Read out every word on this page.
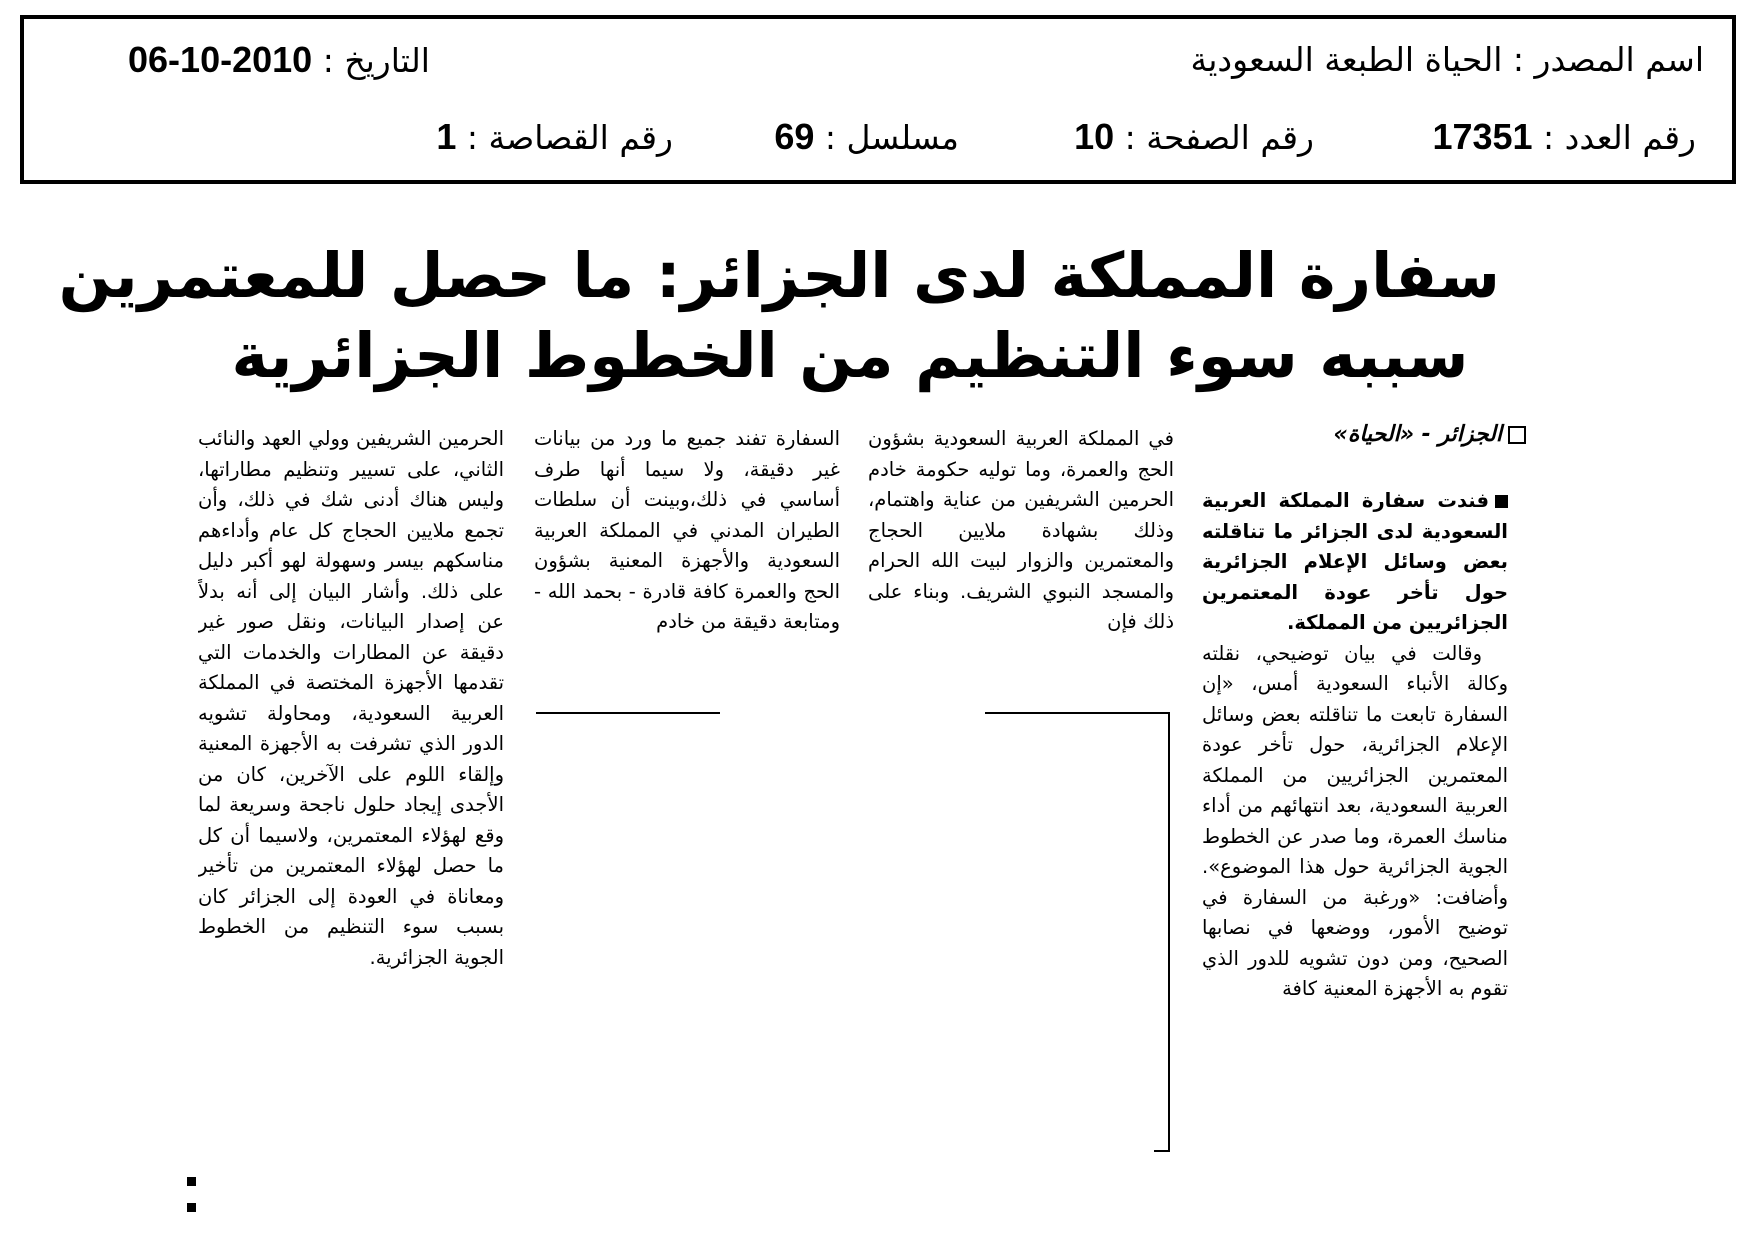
اسم المصدر : الحياة الطبعة السعودية
التاريخ : 2010-10-06
رقم العدد : 17351
رقم الصفحة : 10
مسلسل : 69
رقم القصاصة : 1
سفارة المملكة لدى الجزائر: ما حصل للمعتمرين
سببه سوء التنظيم من الخطوط الجزائرية
الجزائر - «الحياة»

فندت سفارة المملكة العربية السعودية لدى الجزائر ما تناقلته بعض وسائل الإعلام الجزائرية حول تأخر عودة المعتمرين الجزائريين من المملكة.

وقالت في بيان توضيحي، نقلته وكالة الأنباء السعودية أمس، «إن السفارة تابعت ما تناقلته بعض وسائل الإعلام الجزائرية، حول تأخر عودة المعتمرين الجزائريين من المملكة العربية السعودية، بعد انتهائهم من أداء مناسك العمرة، وما صدر عن الخطوط الجوية الجزائرية حول هذا الموضوع». وأضافت: «ورغبة من السفارة في توضيح الأمور، ووضعها في نصابها الصحيح، ومن دون تشويه للدور الذي تقوم به الأجهزة المعنية كافة

في المملكة العربية السعودية بشؤون الحج والعمرة، وما توليه حكومة خادم الحرمين الشريفين من عناية واهتمام، وذلك بشهادة ملايين الحجاج والمعتمرين والزوار لبيت الله الحرام والمسجد النبوي الشريف. وبناء على ذلك فإن

السفارة تفند جميع ما ورد من بيانات غير دقيقة، ولا سيما أنها طرف أساسي في ذلك،وبينت أن سلطات الطيران المدني في المملكة العربية السعودية والأجهزة المعنية بشؤون الحج والعمرة كافة قادرة - بحمد الله - ومتابعة دقيقة من خادم

الحرمين الشريفين وولي العهد والنائب الثاني، على تسيير وتنظيم مطاراتها، وليس هناك أدنى شك في ذلك، وأن تجمع ملايين الحجاج كل عام وأداءهم مناسكهم بيسر وسهولة لهو أكبر دليل على ذلك. وأشار البيان إلى أنه بدلاً عن إصدار البيانات، ونقل صور غير دقيقة عن المطارات والخدمات التي تقدمها الأجهزة المختصة في المملكة العربية السعودية، ومحاولة تشويه الدور الذي تشرفت به الأجهزة المعنية وإلقاء اللوم على الآخرين، كان من الأجدى إيجاد حلول ناجحة وسريعة لما وقع لهؤلاء المعتمرين، ولاسيما أن كل ما حصل لهؤلاء المعتمرين من تأخير ومعاناة في العودة إلى الجزائر كان بسبب سوء التنظيم من الخطوط الجوية الجزائرية.
